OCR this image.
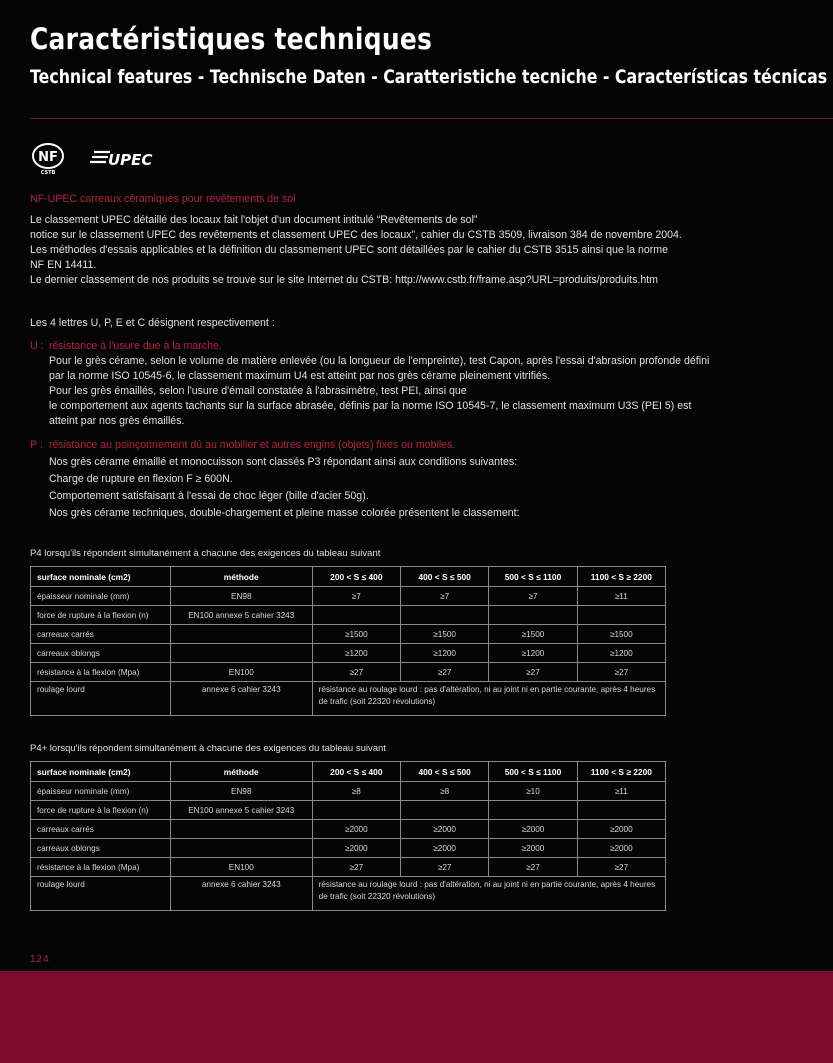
Caractéristiques techniques
Technical features - Technische Daten - Caratteristiche tecniche - Características técnicas
NF
CSTB
UPEC

NF-UPEC carreaux céramiques pour revêtements de sol

Le classement UPEC détaillé des locaux fait l'objet d'un document intitulé “Revêtements de sol”

notice sur le classement UPEC des revêtements et classement UPEC des locaux”, cahier du CSTB 3509, livraison 384 de novembre 2004.

Les méthodes d'essais applicables et la définition du classmement UPEC sont détaillées par le cahier du CSTB 3515 ainsi que la norme

NF EN 14411.

Le dernier classement de nos produits se trouve sur le site Internet du CSTB: http://www.cstb.fr/frame.asp?URL=produits/produits.htm

Les 4 lettres U, P, E et C désignent respectivement :

U : résistance à l'usure due à la marche.

Pour le grès cérame, selon le volume de matière enlevée (ou la longueur de l'empreinte), test Capon, après l'essai d'abrasion profonde défini

par la norme ISO 10545-6, le classement maximum U4 est atteint par nos grès cérame pleinement vitrifiés.

Pour les grès émaillés, selon l'usure d'émail constatée à l'abrasimètre, test PEI, ainsi que

le comportement aux agents tachants sur la surface abrasée, définis par la norme ISO 10545-7, le classement maximum U3S (PEI 5) est

atteint par nos grès émaillés.

P : résistance au poinçonnement dû au mobilier et autres engins (objets) fixes ou mobiles.

Nos grès cérame émaillé et monocuisson sont classés P3 répondant ainsi aux conditions suivantes:

Charge de rupture en flexion F ≥ 600N.

Comportement satisfaisant à l'essai de choc léger (bille d'acier 50g).

Nos grès cérame techniques, double-chargement et pleine masse colorée présentent le classement:

P4 lorsqu'ils répondent simultanément à chacune des exigences du tableau suivant
surface nominale (cm2)	méthode	200 < S ≤ 400	400 < S ≤ 500	500 < S ≤ 1100	1100 < S ≥ 2200
épaisseur nominale (mm)	EN98	≥7	≥7	≥7	≥11
force de rupture à la flexion (n)	EN100 annexe 5 cahier 3243				
carreaux carrés		≥1500	≥1500	≥1500	≥1500
carreaux oblongs		≥1200	≥1200	≥1200	≥1200
résistance à la flexion (Mpa)	EN100	≥27	≥27	≥27	≥27
roulage lourd	annexe 6 cahier 3243	résistance au roulage lourd : pas d'altération, ni au joint ni en partie courante, après 4 heures de trafic (soit 22320 révolutions)			
P4+ lorsqu'ils répondent simultanément à chacune des exigences du tableau suivant
surface nominale (cm2)	méthode	200 < S ≤ 400	400 < S ≤ 500	500 < S ≤ 1100	1100 < S ≥ 2200
épaisseur nominale (mm)	EN98	≥8	≥8	≥10	≥11
force de rupture à la flexion (n)	EN100 annexe 5 cahier 3243				
carreaux carrés		≥2000	≥2000	≥2000	≥2000
carreaux oblongs		≥2000	≥2000	≥2000	≥2000
résistance à la flexion (Mpa)	EN100	≥27	≥27	≥27	≥27
roulage lourd	annexe 6 cahier 3243	résistance au roulage lourd : pas d'altération, ni au joint ni en partie courante, après 4 heures de trafic (soit 22320 révolutions)			
124
